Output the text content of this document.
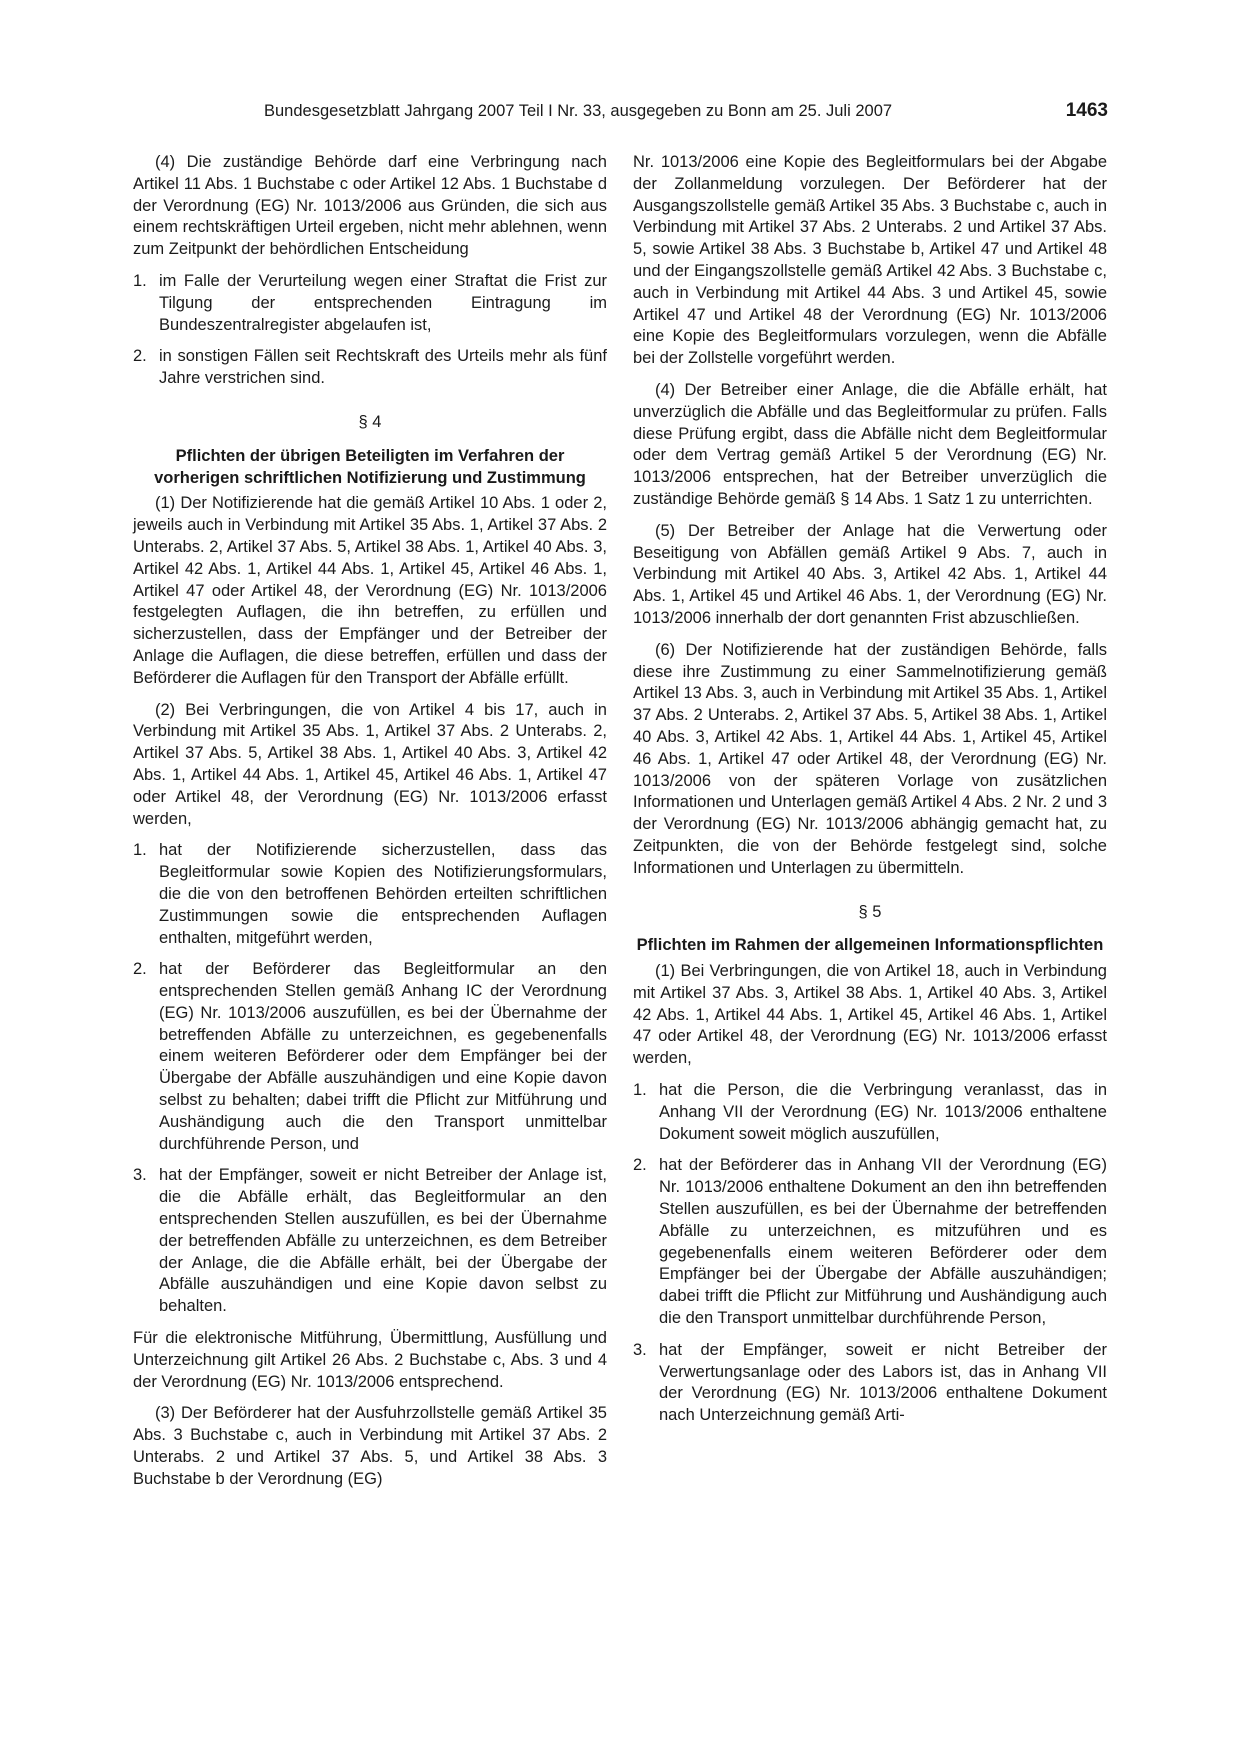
Bundesgesetzblatt Jahrgang 2007 Teil I Nr. 33, ausgegeben zu Bonn am 25. Juli 2007	1463

(4) Die zuständige Behörde darf eine Verbringung nach Artikel 11 Abs. 1 Buchstabe c oder Artikel 12 Abs. 1 Buchstabe d der Verordnung (EG) Nr. 1013/2006 aus Gründen, die sich aus einem rechtskräftigen Urteil ergeben, nicht mehr ablehnen, wenn zum Zeitpunkt der behördlichen Entscheidung

1. im Falle der Verurteilung wegen einer Straftat die Frist zur Tilgung der entsprechenden Eintragung im Bundeszentralregister abgelaufen ist,
2. in sonstigen Fällen seit Rechtskraft des Urteils mehr als fünf Jahre verstrichen sind.
§ 4
Pflichten der übrigen Beteiligten im Verfahren der vorherigen schriftlichen Notifizierung und Zustimmung

(1) Der Notifizierende hat die gemäß Artikel 10 Abs. 1 oder 2, jeweils auch in Verbindung mit Artikel 35 Abs. 1, Artikel 37 Abs. 2 Unterabs. 2, Artikel 37 Abs. 5, Artikel 38 Abs. 1, Artikel 40 Abs. 3, Artikel 42 Abs. 1, Artikel 44 Abs. 1, Artikel 45, Artikel 46 Abs. 1, Artikel 47 oder Artikel 48, der Verordnung (EG) Nr. 1013/2006 festgelegten Auflagen, die ihn betreffen, zu erfüllen und sicherzustellen, dass der Empfänger und der Betreiber der Anlage die Auflagen, die diese betreffen, erfüllen und dass der Beförderer die Auflagen für den Transport der Abfälle erfüllt.

(2) Bei Verbringungen, die von Artikel 4 bis 17, auch in Verbindung mit Artikel 35 Abs. 1, Artikel 37 Abs. 2 Unterabs. 2, Artikel 37 Abs. 5, Artikel 38 Abs. 1, Artikel 40 Abs. 3, Artikel 42 Abs. 1, Artikel 44 Abs. 1, Artikel 45, Artikel 46 Abs. 1, Artikel 47 oder Artikel 48, der Verordnung (EG) Nr. 1013/2006 erfasst werden,

1. hat der Notifizierende sicherzustellen, dass das Begleitformular sowie Kopien des Notifizierungsformulars, die die von den betroffenen Behörden erteilten schriftlichen Zustimmungen sowie die entsprechenden Auflagen enthalten, mitgeführt werden,
2. hat der Beförderer das Begleitformular an den entsprechenden Stellen gemäß Anhang IC der Verordnung (EG) Nr. 1013/2006 auszufüllen, es bei der Übernahme der betreffenden Abfälle zu unterzeichnen, es gegebenenfalls einem weiteren Beförderer oder dem Empfänger bei der Übergabe der Abfälle auszuhändigen und eine Kopie davon selbst zu behalten; dabei trifft die Pflicht zur Mitführung und Aushändigung auch die den Transport unmittelbar durchführende Person, und
3. hat der Empfänger, soweit er nicht Betreiber der Anlage ist, die die Abfälle erhält, das Begleitformular an den entsprechenden Stellen auszufüllen, es bei der Übernahme der betreffenden Abfälle zu unterzeichnen, es dem Betreiber der Anlage, die die Abfälle erhält, bei der Übergabe der Abfälle auszuhändigen und eine Kopie davon selbst zu behalten.

Für die elektronische Mitführung, Übermittlung, Ausfüllung und Unterzeichnung gilt Artikel 26 Abs. 2 Buchstabe c, Abs. 3 und 4 der Verordnung (EG) Nr. 1013/2006 entsprechend.

(3) Der Beförderer hat der Ausfuhrzollstelle gemäß Artikel 35 Abs. 3 Buchstabe c, auch in Verbindung mit Artikel 37 Abs. 2 Unterabs. 2 und Artikel 37 Abs. 5, und Artikel 38 Abs. 3 Buchstabe b der Verordnung (EG)

Nr. 1013/2006 eine Kopie des Begleitformulars bei der Abgabe der Zollanmeldung vorzulegen. Der Beförderer hat der Ausgangszollstelle gemäß Artikel 35 Abs. 3 Buchstabe c, auch in Verbindung mit Artikel 37 Abs. 2 Unterabs. 2 und Artikel 37 Abs. 5, sowie Artikel 38 Abs. 3 Buchstabe b, Artikel 47 und Artikel 48 und der Eingangszollstelle gemäß Artikel 42 Abs. 3 Buchstabe c, auch in Verbindung mit Artikel 44 Abs. 3 und Artikel 45, sowie Artikel 47 und Artikel 48 der Verordnung (EG) Nr. 1013/2006 eine Kopie des Begleitformulars vorzulegen, wenn die Abfälle bei der Zollstelle vorgeführt werden.

(4) Der Betreiber einer Anlage, die die Abfälle erhält, hat unverzüglich die Abfälle und das Begleitformular zu prüfen. Falls diese Prüfung ergibt, dass die Abfälle nicht dem Begleitformular oder dem Vertrag gemäß Artikel 5 der Verordnung (EG) Nr. 1013/2006 entsprechen, hat der Betreiber unverzüglich die zuständige Behörde gemäß § 14 Abs. 1 Satz 1 zu unterrichten.

(5) Der Betreiber der Anlage hat die Verwertung oder Beseitigung von Abfällen gemäß Artikel 9 Abs. 7, auch in Verbindung mit Artikel 40 Abs. 3, Artikel 42 Abs. 1, Artikel 44 Abs. 1, Artikel 45 und Artikel 46 Abs. 1, der Verordnung (EG) Nr. 1013/2006 innerhalb der dort genannten Frist abzuschließen.

(6) Der Notifizierende hat der zuständigen Behörde, falls diese ihre Zustimmung zu einer Sammelnotifizierung gemäß Artikel 13 Abs. 3, auch in Verbindung mit Artikel 35 Abs. 1, Artikel 37 Abs. 2 Unterabs. 2, Artikel 37 Abs. 5, Artikel 38 Abs. 1, Artikel 40 Abs. 3, Artikel 42 Abs. 1, Artikel 44 Abs. 1, Artikel 45, Artikel 46 Abs. 1, Artikel 47 oder Artikel 48, der Verordnung (EG) Nr. 1013/2006 von der späteren Vorlage von zusätzlichen Informationen und Unterlagen gemäß Artikel 4 Abs. 2 Nr. 2 und 3 der Verordnung (EG) Nr. 1013/2006 abhängig gemacht hat, zu Zeitpunkten, die von der Behörde festgelegt sind, solche Informationen und Unterlagen zu übermitteln.

§ 5
Pflichten im Rahmen der allgemeinen Informationspflichten

(1) Bei Verbringungen, die von Artikel 18, auch in Verbindung mit Artikel 37 Abs. 3, Artikel 38 Abs. 1, Artikel 40 Abs. 3, Artikel 42 Abs. 1, Artikel 44 Abs. 1, Artikel 45, Artikel 46 Abs. 1, Artikel 47 oder Artikel 48, der Verordnung (EG) Nr. 1013/2006 erfasst werden,

1. hat die Person, die die Verbringung veranlasst, das in Anhang VII der Verordnung (EG) Nr. 1013/2006 enthaltene Dokument soweit möglich auszufüllen,
2. hat der Beförderer das in Anhang VII der Verordnung (EG) Nr. 1013/2006 enthaltene Dokument an den ihn betreffenden Stellen auszufüllen, es bei der Übernahme der betreffenden Abfälle zu unterzeichnen, es mitzuführen und es gegebenenfalls einem weiteren Beförderer oder dem Empfänger bei der Übergabe der Abfälle auszuhändigen; dabei trifft die Pflicht zur Mitführung und Aushändigung auch die den Transport unmittelbar durchführende Person,
3. hat der Empfänger, soweit er nicht Betreiber der Verwertungsanlage oder des Labors ist, das in Anhang VII der Verordnung (EG) Nr. 1013/2006 enthaltene Dokument nach Unterzeichnung gemäß Arti-
